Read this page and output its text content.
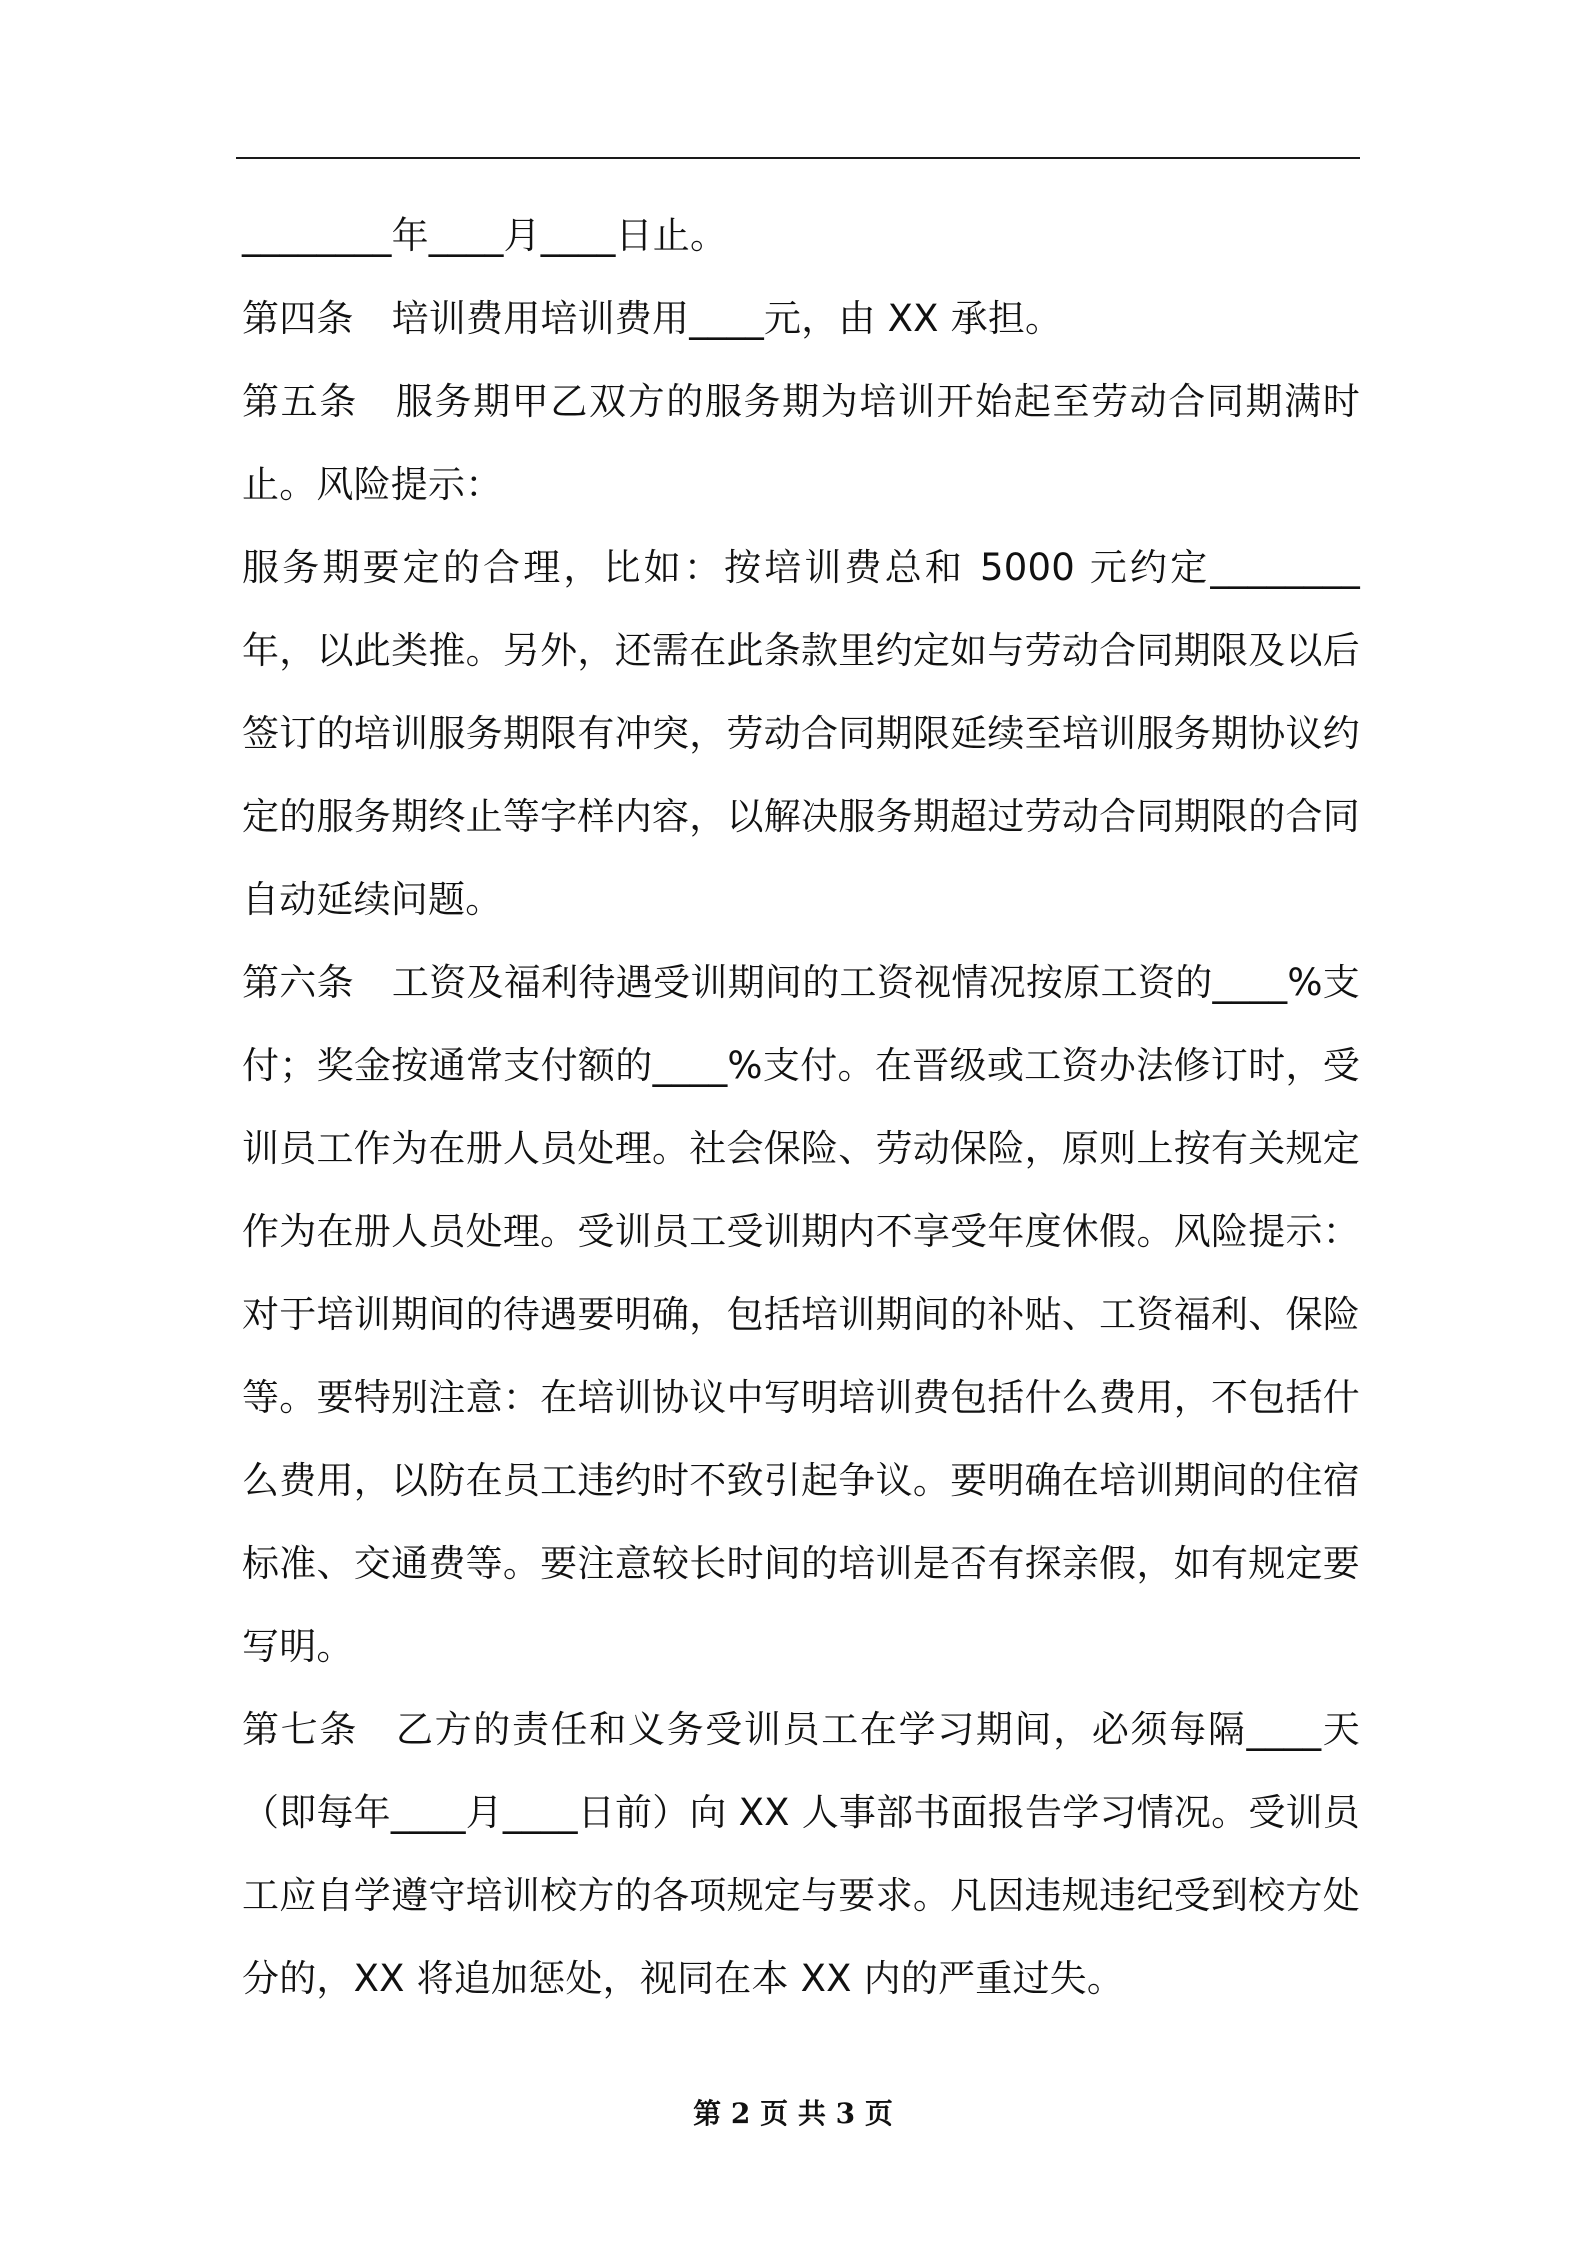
________年____月____日止。

第四条 培训费用培训费用____元，由 XX 承担。

第五条 服务期甲乙双方的服务期为培训开始起至劳动合同期满时止。风险提示：

服务期要定的合理，比如：按培训费总和 5000 元约定________年，以此类推。另外，还需在此条款里约定如与劳动合同期限及以后签订的培训服务期限有冲突，劳动合同期限延续至培训服务期协议约定的服务期终止等字样内容，以解决服务期超过劳动合同期限的合同自动延续问题。

第六条 工资及福利待遇受训期间的工资视情况按原工资的____%支付；奖金按通常支付额的____%支付。在晋级或工资办法修订时，受训员工作为在册人员处理。社会保险、劳动保险，原则上按有关规定作为在册人员处理。受训员工受训期内不享受年度休假。风险提示：对于培训期间的待遇要明确，包括培训期间的补贴、工资福利、保险等。要特别注意：在培训协议中写明培训费包括什么费用，不包括什么费用，以防在员工违约时不致引起争议。要明确在培训期间的住宿标准、交通费等。要注意较长时间的培训是否有探亲假，如有规定要写明。

第七条 乙方的责任和义务受训员工在学习期间，必须每隔____天（即每年____月____日前）向 XX 人事部书面报告学习情况。受训员工应自学遵守培训校方的各项规定与要求。凡因违规违纪受到校方处分的，XX 将追加惩处，视同在本 XX 内的严重过失。

第 2 页 共 3 页
